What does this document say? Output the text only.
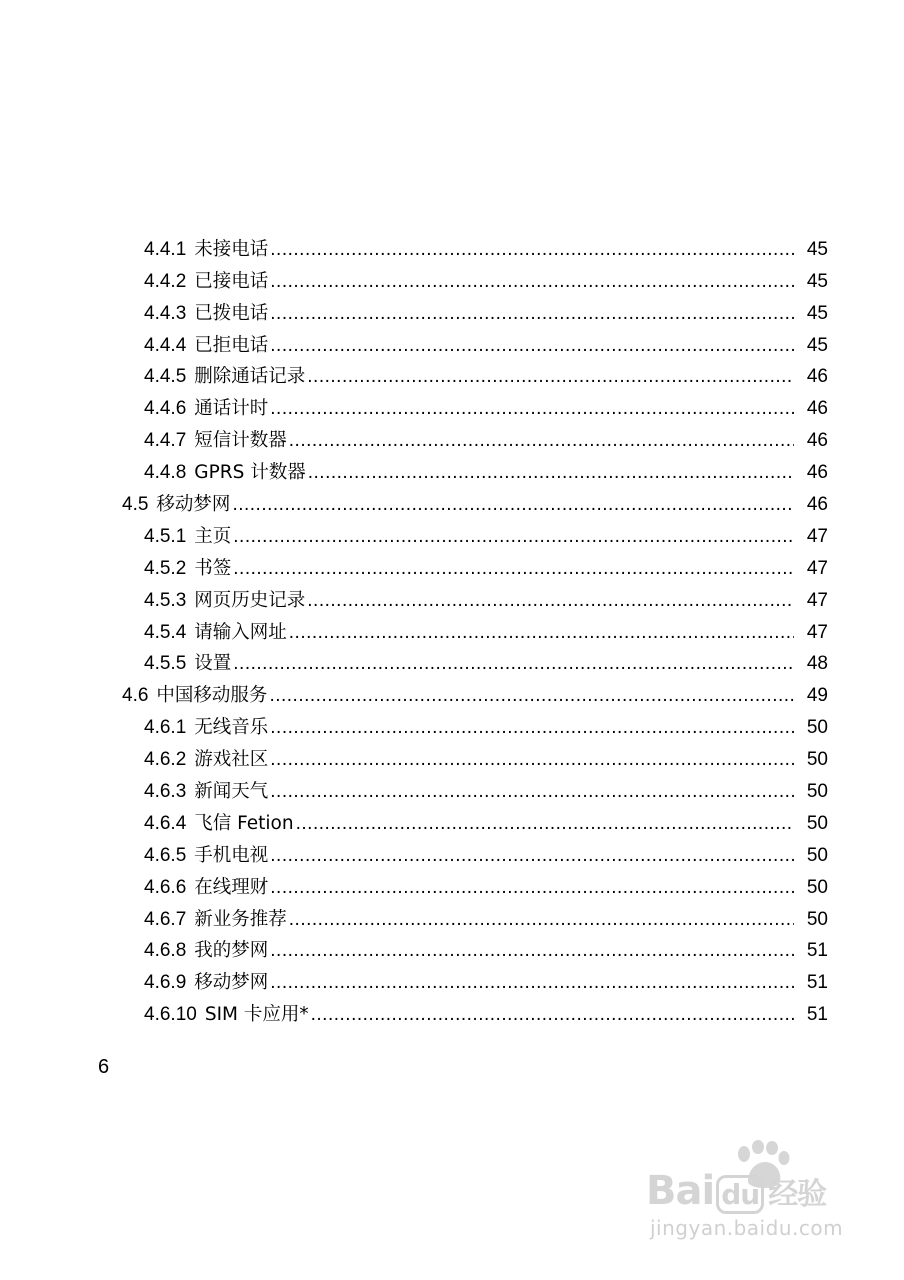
4.4.1 未接电话 .....	45
4.4.2 已接电话 .....	45
4.4.3 已拨电话 .....	45
4.4.4 已拒电话 .....	45
4.4.5 删除通话记录 .....	46
4.4.6 通话计时 .....	46
4.4.7 短信计数器 .....	46
4.4.8 GPRS 计数器 .....	46
4.5 移动梦网 .....	46
4.5.1 主页 .....	47
4.5.2 书签 .....	47
4.5.3 网页历史记录 .....	47
4.5.4 请输入网址 .....	47
4.5.5 设置 .....	48
4.6 中国移动服务 .....	49
4.6.1 无线音乐 .....	50
4.6.2 游戏社区 .....	50
4.6.3 新闻天气 .....	50
4.6.4 飞信 Fetion .....	50
4.6.5 手机电视 .....	50
4.6.6 在线理财 .....	50
4.6.7 新业务推荐 .....	50
4.6.8 我的梦网 .....	51
4.6.9 移动梦网 .....	51
4.6.10 SIM 卡应用* .....	51
6
Bai du 经验
jingyan.baidu.com
